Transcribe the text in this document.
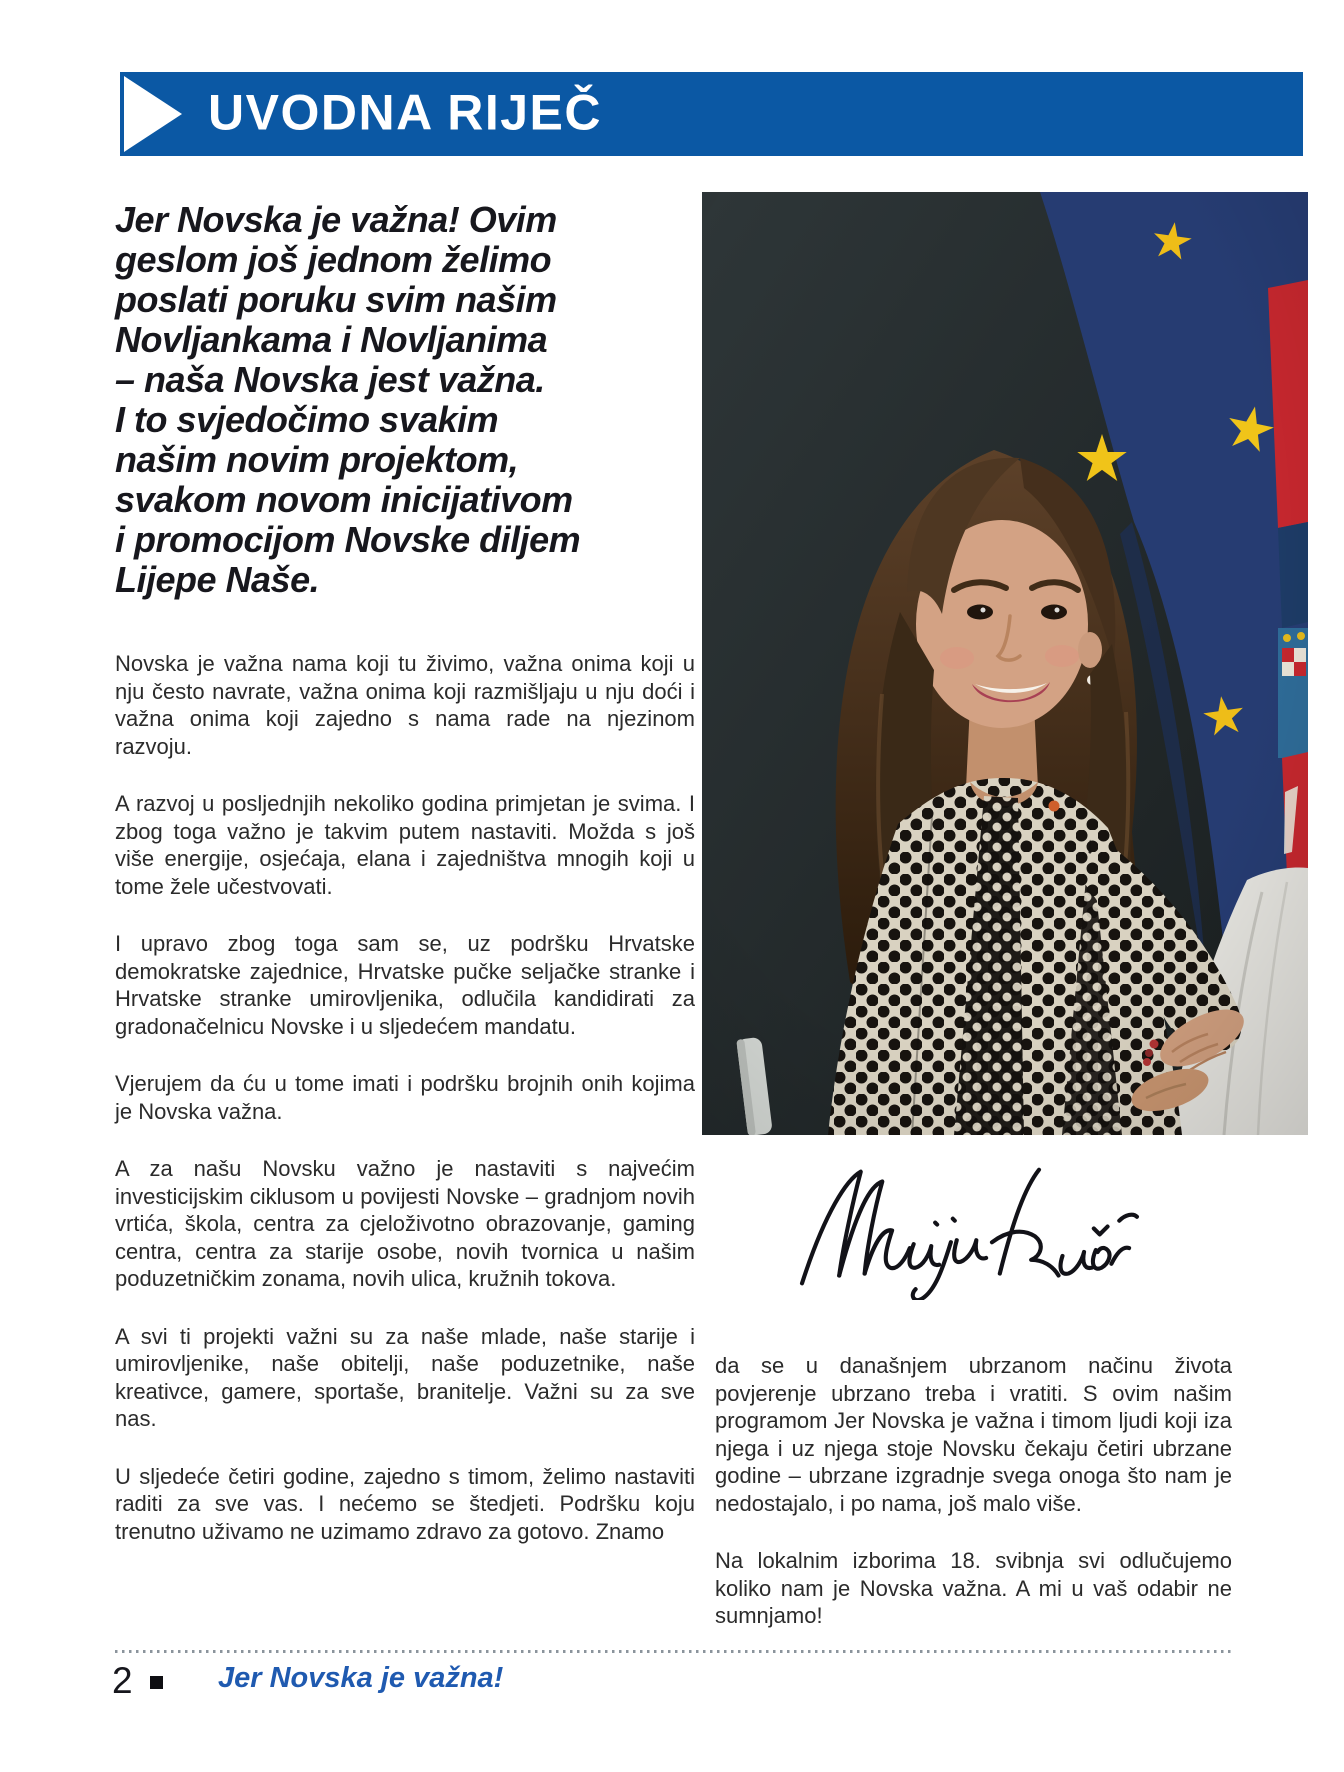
UVODNA RIJEČ
Jer Novska je važna! Ovim
geslom još jednom želimo
poslati poruku svim našim
Novljankama i Novljanima
– naša Novska jest važna.
I to svjedočimo svakim
našim novim projektom,
svakom novom inicijativom
i promocijom Novske diljem
Lijepe Naše.

Novska je važna nama koji tu živimo, važna onima koji u nju često navrate, važna onima koji razmišljaju u nju doći i važna onima koji zajedno s nama rade na njezinom razvoju.

A razvoj u posljednjih nekoliko godina primjetan je svima. I zbog toga važno je takvim putem nastaviti. Možda s još više energije, osjećaja, elana i zajedništva mnogih koji u tome žele učestvovati.

I upravo zbog toga sam se, uz podršku Hrvatske demokratske zajednice, Hrvatske pučke seljačke stranke i Hrvatske stranke umirovljenika, odlučila kandidirati za gradonačelnicu Novske i u sljedećem mandatu.

Vjerujem da ću u tome imati i podršku brojnih onih kojima je Novska važna.

A za našu Novsku važno je nastaviti s najvećim investicijskim ciklusom u povijesti Novske – gradnjom novih vrtića, škola, centra za cjeloživotno obrazovanje, gaming centra, centra za starije osobe, novih tvornica u našim poduzetničkim zonama, novih ulica, kružnih tokova.

A svi ti projekti važni su za naše mlade, naše starije i umirovljenike, naše obitelji, naše poduzetnike, naše kreativce, gamere, sportaše, branitelje. Važni su za sve nas.

U sljedeće četiri godine, zajedno s timom, želimo nastaviti raditi za sve vas. I nećemo se štedjeti. Podršku koju trenutno uživamo ne uzimamo zdravo za gotovo. Znamo

da se u današnjem ubrzanom načinu života povjerenje ubrzano treba i vratiti. S ovim našim programom Jer Novska je važna i timom ljudi koji iza njega i uz njega stoje Novsku čekaju četiri ubrzane godine – ubrzane izgradnje svega onoga što nam je nedostajalo, i po nama, još malo više.

Na lokalnim izborima 18. svibnja svi odlučujemo koliko nam je Novska važna. A mi u vaš odabir ne sumnjamo!

2	Jer Novska je važna!
